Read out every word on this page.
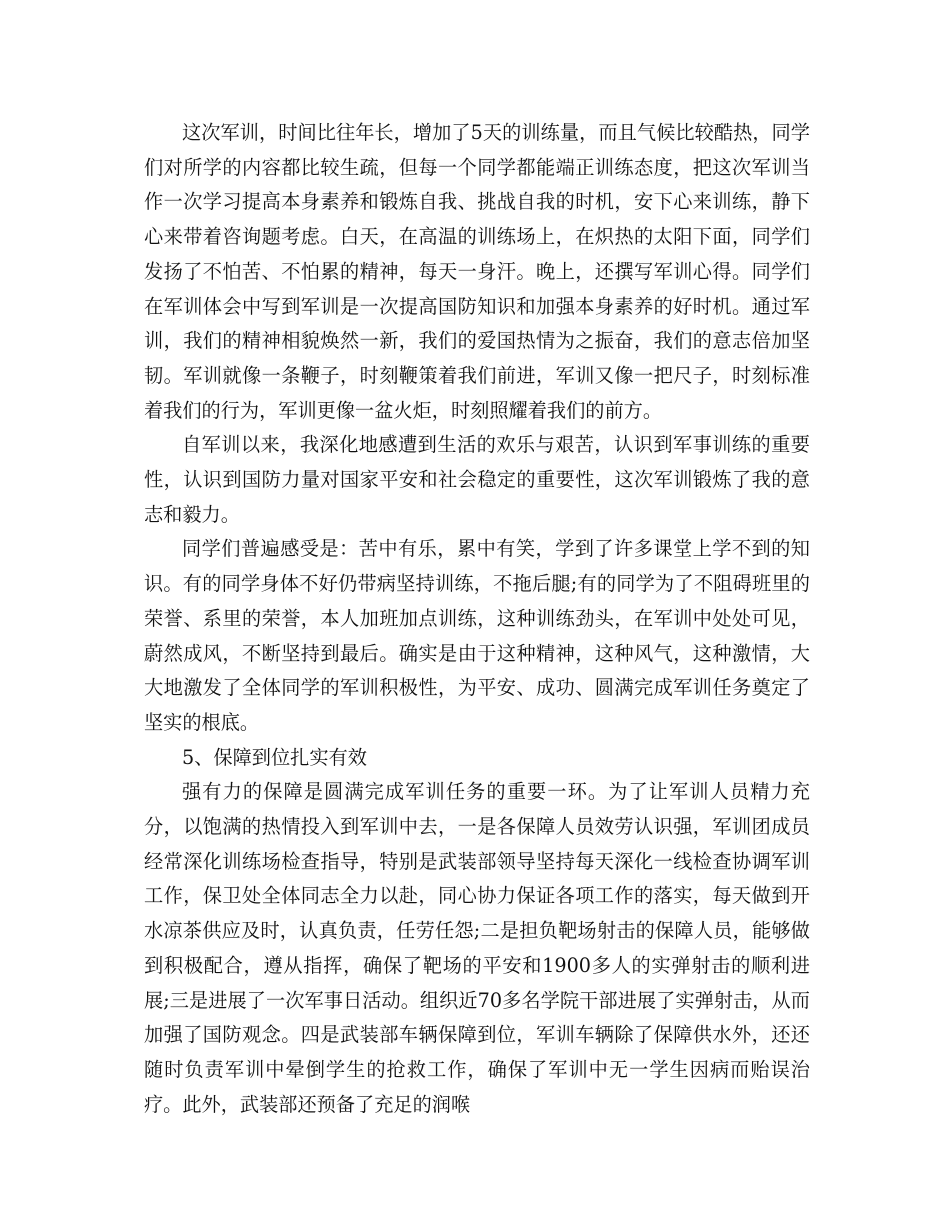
这次军训，时间比往年长，增加了5天的训练量，而且气候比较酷热，同学们对所学的内容都比较生疏，但每一个同学都能端正训练态度，把这次军训当作一次学习提高本身素养和锻炼自我、挑战自我的时机，安下心来训练，静下心来带着咨询题考虑。白天，在高温的训练场上，在炽热的太阳下面，同学们发扬了不怕苦、不怕累的精神，每天一身汗。晚上，还撰写军训心得。同学们在军训体会中写到军训是一次提高国防知识和加强本身素养的好时机。通过军训，我们的精神相貌焕然一新，我们的爱国热情为之振奋，我们的意志倍加坚韧。军训就像一条鞭子，时刻鞭策着我们前进，军训又像一把尺子，时刻标准着我们的行为，军训更像一盆火炬，时刻照耀着我们的前方。

自军训以来，我深化地感遭到生活的欢乐与艰苦，认识到军事训练的重要性，认识到国防力量对国家平安和社会稳定的重要性，这次军训锻炼了我的意志和毅力。

同学们普遍感受是：苦中有乐，累中有笑，学到了许多课堂上学不到的知识。有的同学身体不好仍带病坚持训练，不拖后腿;有的同学为了不阻碍班里的荣誉、系里的荣誉，本人加班加点训练，这种训练劲头，在军训中处处可见，蔚然成风，不断坚持到最后。确实是由于这种精神，这种风气，这种激情，大大地激发了全体同学的军训积极性，为平安、成功、圆满完成军训任务奠定了坚实的根底。

5、保障到位扎实有效

强有力的保障是圆满完成军训任务的重要一环。为了让军训人员精力充分，以饱满的热情投入到军训中去，一是各保障人员效劳认识强，军训团成员经常深化训练场检查指导，特别是武装部领导坚持每天深化一线检查协调军训工作，保卫处全体同志全力以赴，同心协力保证各项工作的落实，每天做到开水凉茶供应及时，认真负责，任劳任怨;二是担负靶场射击的保障人员，能够做到积极配合，遵从指挥，确保了靶场的平安和1900多人的实弹射击的顺利进展;三是进展了一次军事日活动。组织近70多名学院干部进展了实弹射击，从而加强了国防观念。四是武装部车辆保障到位，军训车辆除了保障供水外，还还随时负责军训中晕倒学生的抢救工作，确保了军训中无一学生因病而贻误治疗。此外，武装部还预备了充足的润喉
